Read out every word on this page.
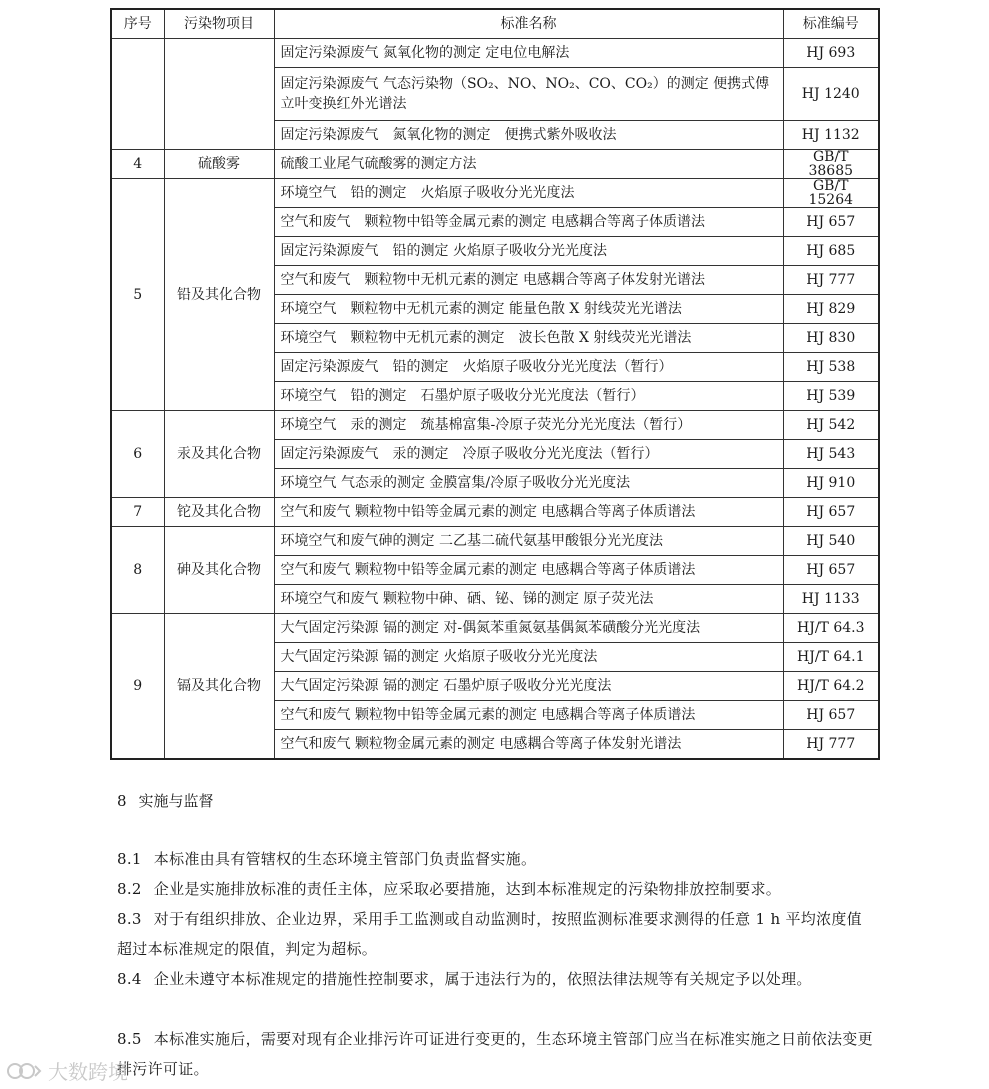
序号	污染物项目	标准名称	标准编号
		固定污染源废气 氮氧化物的测定 定电位电解法	HJ 693
		固定污染源废气 气态污染物（SO₂、NO、NO₂、CO、CO₂）的测定 便携式傅立叶变换红外光谱法	HJ 1240
		固定污染源废气　氮氧化物的测定　便携式紫外吸收法	HJ 1132
4	硫酸雾	硫酸工业尾气硫酸雾的测定方法	GB/T 38685
5	铅及其化合物	环境空气　铅的测定　火焰原子吸收分光光度法	GB/T 15264
		空气和废气　颗粒物中铅等金属元素的测定 电感耦合等离子体质谱法	HJ 657
		固定污染源废气　铅的测定 火焰原子吸收分光光度法	HJ 685
		空气和废气　颗粒物中无机元素的测定 电感耦合等离子体发射光谱法	HJ 777
		环境空气　颗粒物中无机元素的测定 能量色散 X 射线荧光光谱法	HJ 829
		环境空气　颗粒物中无机元素的测定　波长色散 X 射线荧光光谱法	HJ 830
		固定污染源废气　铅的测定　火焰原子吸收分光光度法（暂行）	HJ 538
		环境空气　铅的测定　石墨炉原子吸收分光光度法（暂行）	HJ 539
6	汞及其化合物	环境空气　汞的测定　巯基棉富集-冷原子荧光分光光度法（暂行）	HJ 542
		固定污染源废气　汞的测定　冷原子吸收分光光度法（暂行）	HJ 543
		环境空气 气态汞的测定 金膜富集/冷原子吸收分光光度法	HJ 910
7	铊及其化合物	空气和废气 颗粒物中铅等金属元素的测定 电感耦合等离子体质谱法	HJ 657
8	砷及其化合物	环境空气和废气砷的测定 二乙基二硫代氨基甲酸银分光光度法	HJ 540
		空气和废气 颗粒物中铅等金属元素的测定 电感耦合等离子体质谱法	HJ 657
		环境空气和废气 颗粒物中砷、硒、铋、锑的测定 原子荧光法	HJ 1133
9	镉及其化合物	大气固定污染源 镉的测定 对-偶氮苯重氮氨基偶氮苯磺酸分光光度法	HJ/T 64.3
		大气固定污染源 镉的测定 火焰原子吸收分光光度法	HJ/T 64.1
		大气固定污染源 镉的测定 石墨炉原子吸收分光光度法	HJ/T 64.2
		空气和废气 颗粒物中铅等金属元素的测定 电感耦合等离子体质谱法	HJ 657
		空气和废气 颗粒物金属元素的测定 电感耦合等离子体发射光谱法	HJ 777
8 实施与监督
8.1 本标准由具有管辖权的生态环境主管部门负责监督实施。
8.2 企业是实施排放标准的责任主体，应采取必要措施，达到本标准规定的污染物排放控制要求。
8.3 对于有组织排放、企业边界，采用手工监测或自动监测时，按照监测标准要求测得的任意 1 h 平均浓度值超过本标准规定的限值，判定为超标。
8.4 企业未遵守本标准规定的措施性控制要求，属于违法行为的，依照法律法规等有关规定予以处理。
8.5 本标准实施后，需要对现有企业排污许可证进行变更的，生态环境主管部门应当在标准实施之日前依法变更排污许可证。
大数跨境
